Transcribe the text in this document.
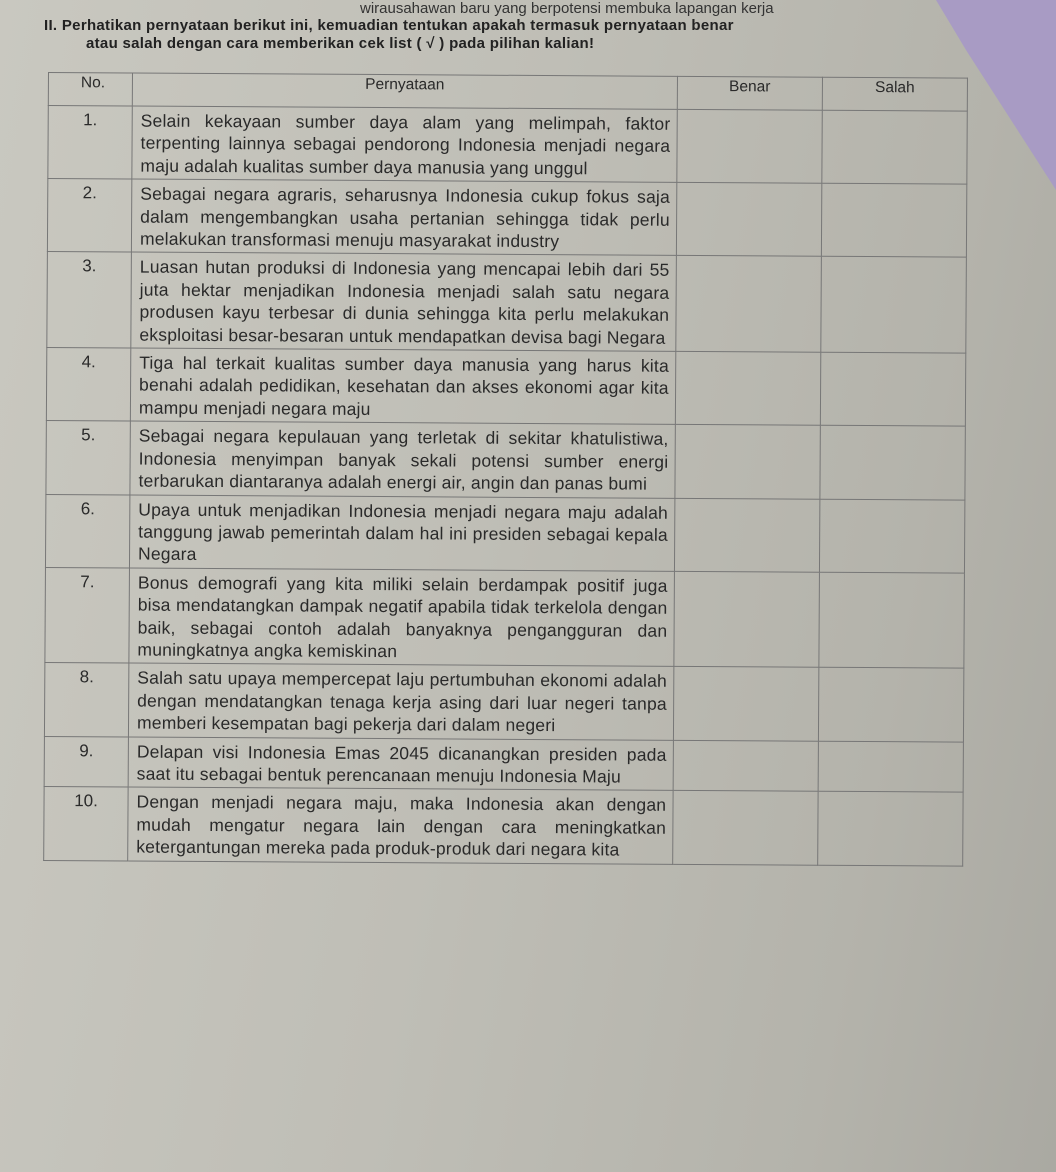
wirausahawan baru yang berpotensi membuka lapangan kerja
II. Perhatikan pernyataan berikut ini, kemuadian tentukan apakah termasuk pernyataan benar
atau salah dengan cara memberikan cek list ( √ ) pada pilihan kalian!
No.	Pernyataan	Benar	Salah
1.	Selain kekayaan sumber daya alam yang melimpah, faktor terpenting lainnya sebagai pendorong Indonesia menjadi negara maju adalah kualitas sumber daya manusia yang unggul		
2.	Sebagai negara agraris, seharusnya Indonesia cukup fokus saja dalam mengembangkan usaha pertanian sehingga tidak perlu melakukan transformasi menuju masyarakat industry		
3.	Luasan hutan produksi di Indonesia yang mencapai lebih dari 55 juta hektar menjadikan Indonesia menjadi salah satu negara produsen kayu terbesar di dunia sehingga kita perlu melakukan eksploitasi besar-besaran untuk mendapatkan devisa bagi Negara		
4.	Tiga hal terkait kualitas sumber daya manusia yang harus kita benahi adalah pedidikan, kesehatan dan akses ekonomi agar kita mampu menjadi negara maju		
5.	Sebagai negara kepulauan yang terletak di sekitar khatulistiwa, Indonesia menyimpan banyak sekali potensi sumber energi terbarukan diantaranya adalah energi air, angin dan panas bumi		
6.	Upaya untuk menjadikan Indonesia menjadi negara maju adalah tanggung jawab pemerintah dalam hal ini presiden sebagai kepala Negara		
7.	Bonus demografi yang kita miliki selain berdampak positif juga bisa mendatangkan dampak negatif apabila tidak terkelola dengan baik, sebagai contoh adalah banyaknya pengangguran dan muningkatnya angka kemiskinan		
8.	Salah satu upaya mempercepat laju pertumbuhan ekonomi adalah dengan mendatangkan tenaga kerja asing dari luar negeri tanpa memberi kesempatan bagi pekerja dari dalam negeri		
9.	Delapan visi Indonesia Emas 2045 dicanangkan presiden pada saat itu sebagai bentuk perencanaan menuju Indonesia Maju		
10.	Dengan menjadi negara maju, maka Indonesia akan dengan mudah mengatur negara lain dengan cara meningkatkan ketergantungan mereka pada produk-produk dari negara kita		
